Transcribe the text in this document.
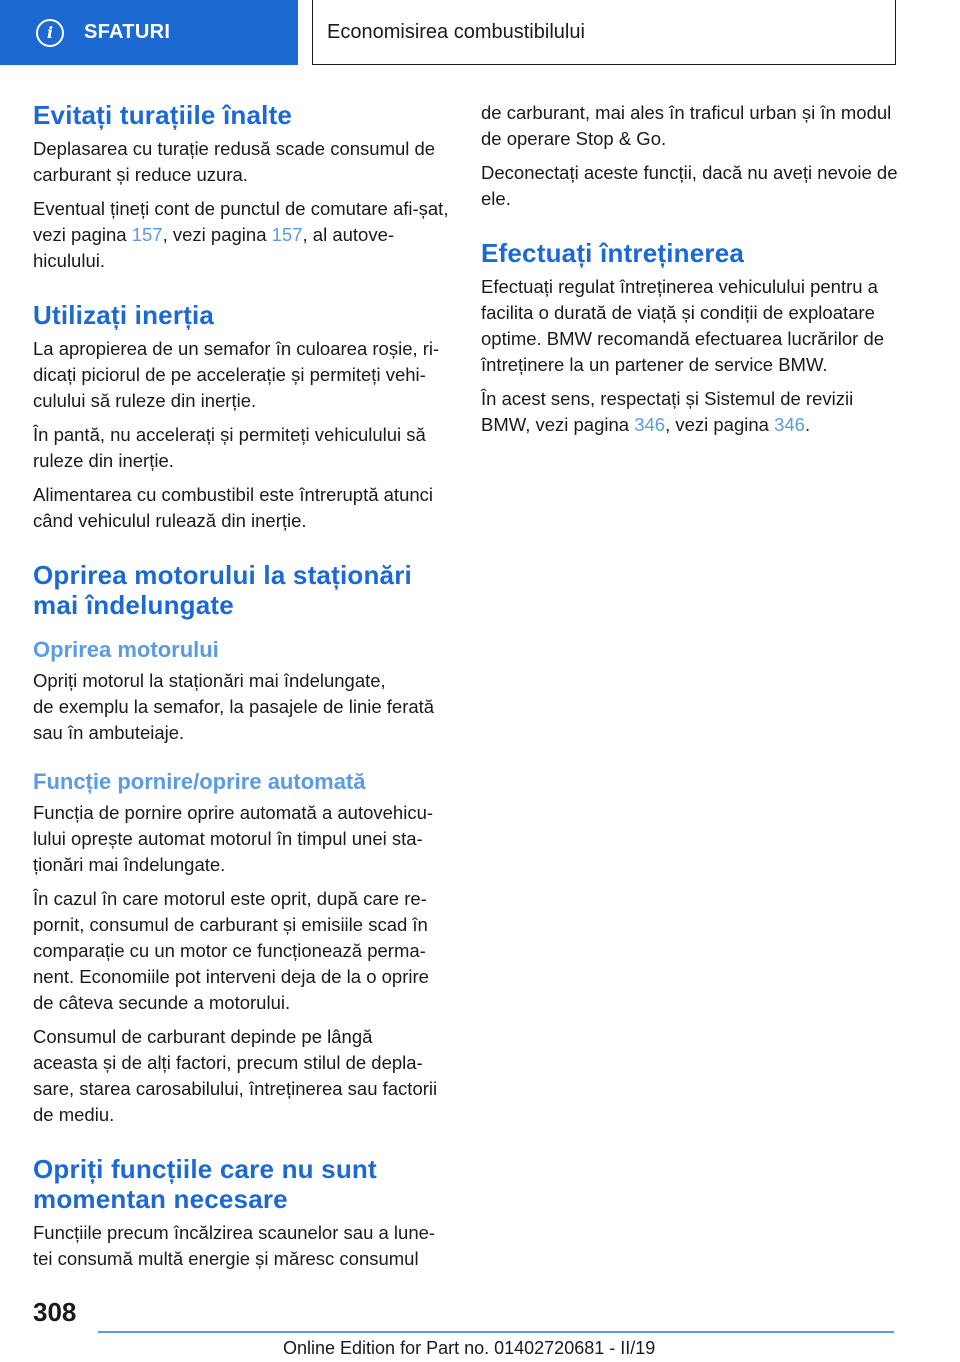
i	SFATURI	Economisirea combustibilului
Evitați turațiile înalte

Deplasarea cu turație redusă scade consumul de carburant și reduce uzura.

Eventual țineți cont de punctul de comutare afi-șat, vezi pagina 157, vezi pagina 157, al autove-hiculului.

Utilizați inerția

La apropierea de un semafor în culoarea roșie, ri-dicați piciorul de pe accelerație și permiteți vehi-culului să ruleze din inerție.

În pantă, nu accelerați și permiteți vehiculului să ruleze din inerție.

Alimentarea cu combustibil este întreruptă atunci când vehiculul rulează din inerție.

Oprirea motorului la staționări
mai îndelungate
Oprirea motorului

Opriți motorul la staționări mai îndelungate,
de exemplu la semafor, la pasajele de linie ferată sau în ambuteiaje.

Funcție pornire/oprire automată

Funcția de pornire oprire automată a autovehicu-lului oprește automat motorul în timpul unei sta-ționări mai îndelungate.

În cazul în care motorul este oprit, după care re-pornit, consumul de carburant și emisiile scad în comparație cu un motor ce funcționează perma-nent. Economiile pot interveni deja de la o oprire de câteva secunde a motorului.

Consumul de carburant depinde pe lângă
aceasta și de alți factori, precum stilul de depla-sare, starea carosabilului, întreținerea sau factorii de mediu.

Opriți funcțiile care nu sunt
momentan necesare

Funcțiile precum încălzirea scaunelor sau a lune-tei consumă multă energie și măresc consumul

de carburant, mai ales în traficul urban și în modul de operare Stop & Go.

Deconectați aceste funcții, dacă nu aveți nevoie de ele.

Efectuați întreținerea

Efectuați regulat întreținerea vehiculului pentru a facilita o durată de viață și condiții de exploatare optime. BMW recomandă efectuarea lucrărilor de întreținere la un partener de service BMW.

În acest sens, respectați și Sistemul de revizii
BMW, vezi pagina 346, vezi pagina 346.

308
Online Edition for Part no. 01402720681 - II/19
